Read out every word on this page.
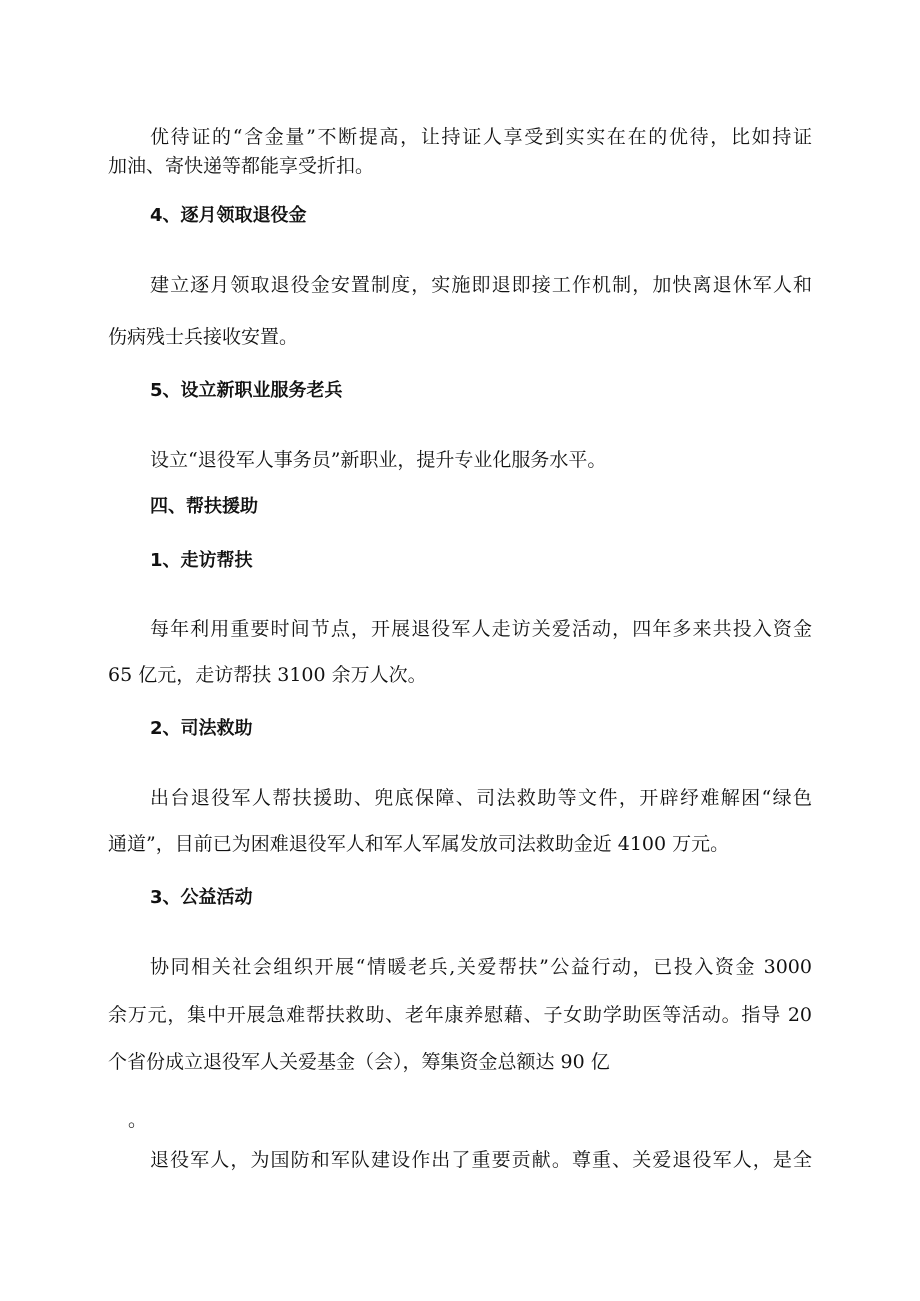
优待证的“含金量”不断提高，让持证人享受到实实在在的优待，比如持证
加油、寄快递等都能享受折扣。
4、逐月领取退役金
建立逐月领取退役金安置制度，实施即退即接工作机制，加快离退休军人和
伤病残士兵接收安置。
5、设立新职业服务老兵
设立“退役军人事务员”新职业，提升专业化服务水平。
四、帮扶援助
1、走访帮扶
每年利用重要时间节点，开展退役军人走访关爱活动，四年多来共投入资金
65 亿元，走访帮扶 3100 余万人次。
2、司法救助
出台退役军人帮扶援助、兜底保障、司法救助等文件，开辟纾难解困“绿色
通道”，目前已为困难退役军人和军人军属发放司法救助金近 4100 万元。
3、公益活动
协同相关社会组织开展“情暖老兵,关爱帮扶”公益行动，已投入资金 3000
余万元，集中开展急难帮扶救助、老年康养慰藉、子女助学助医等活动。指导 20
个省份成立退役军人关爱基金（会），筹集资金总额达 90 亿
。
退役军人，为国防和军队建设作出了重要贡献。尊重、关爱退役军人，是全
